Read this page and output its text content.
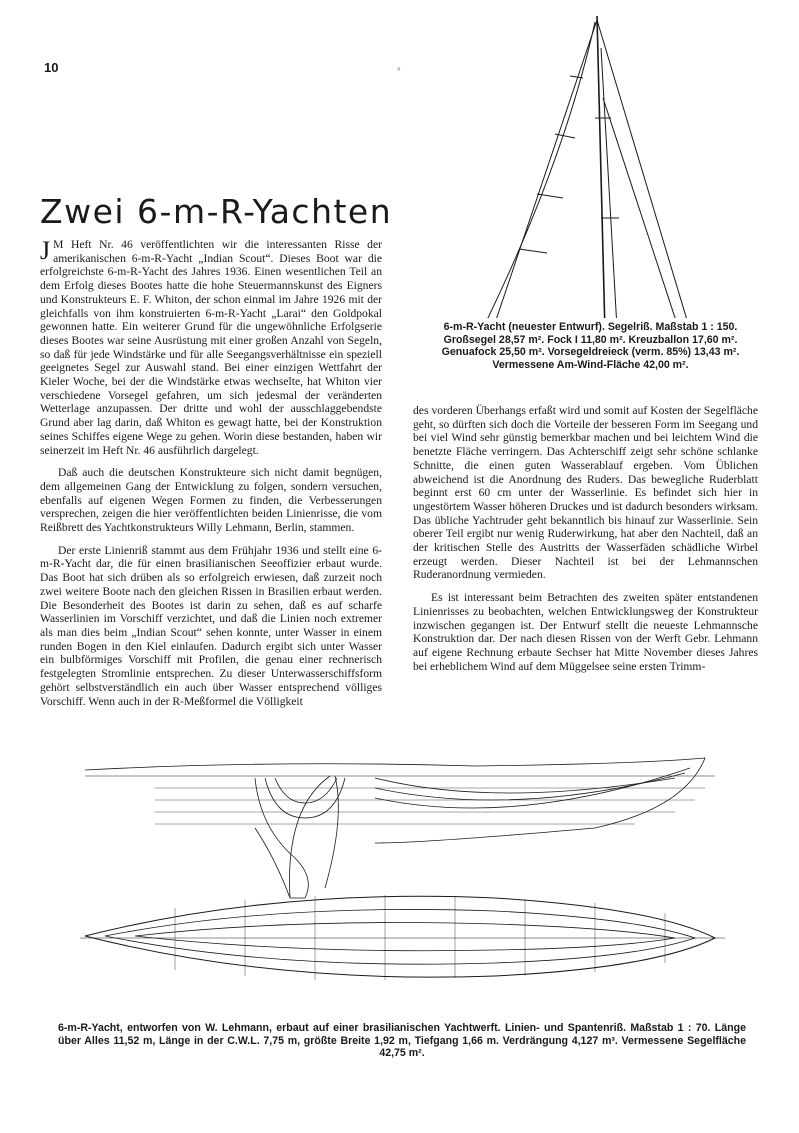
10	°
Zwei 6-m-R-Yachten

J M Heft Nr. 46 veröffentlichten wir die interessanten Risse der amerikanischen 6-m-R-Yacht „Indian Scout“. Dieses Boot war die erfolgreichste 6-m-R-Yacht des Jahres 1936. Einen wesentlichen Teil an dem Erfolg dieses Bootes hatte die hohe Steuermannskunst des Eigners und Konstrukteurs E. F. Whiton, der schon einmal im Jahre 1926 mit der gleichfalls von ihm konstruierten 6-m-R-Yacht „Larai“ den Goldpokal gewonnen hatte. Ein weiterer Grund für die ungewöhnliche Erfolgserie dieses Bootes war seine Ausrüstung mit einer großen Anzahl von Segeln, so daß für jede Windstärke und für alle Seegangsverhältnisse ein speziell geeignetes Segel zur Auswahl stand. Bei einer einzigen Wettfahrt der Kieler Woche, bei der die Windstärke etwas wechselte, hat Whiton vier verschiedene Vorsegel gefahren, um sich jedesmal der veränderten Wetterlage anzupassen. Der dritte und wohl der ausschlaggebendste Grund aber lag darin, daß Whiton es gewagt hatte, bei der Konstruktion seines Schiffes eigene Wege zu gehen. Worin diese bestanden, haben wir seinerzeit im Heft Nr. 46 ausführlich dargelegt.

Daß auch die deutschen Konstrukteure sich nicht damit begnügen, dem allgemeinen Gang der Entwicklung zu folgen, sondern versuchen, ebenfalls auf eigenen Wegen Formen zu finden, die Verbesserungen versprechen, zeigen die hier veröffentlichten beiden Linienrisse, die vom Reißbrett des Yachtkonstrukteurs Willy Lehmann, Berlin, stammen.

Der erste Linienriß stammt aus dem Frühjahr 1936 und stellt eine 6-m-R-Yacht dar, die für einen brasilianischen Seeoffizier erbaut wurde. Das Boot hat sich drüben als so erfolgreich erwiesen, daß zurzeit noch zwei weitere Boote nach den gleichen Rissen in Brasilien erbaut werden. Die Besonderheit des Bootes ist darin zu sehen, daß es auf scharfe Wasserlinien im Vorschiff verzichtet, und daß die Linien noch extremer als man dies beim „Indian Scout“ sehen konnte, unter Wasser in einem runden Bogen in den Kiel einlaufen. Dadurch ergibt sich unter Wasser ein bulbförmiges Vorschiff mit Profilen, die genau einer rechnerisch festgelegten Stromlinie entsprechen. Zu dieser Unterwasserschiffsform gehört selbstverständlich ein auch über Wasser entsprechend völliges Vorschiff. Wenn auch in der R-Meßformel die Völligkeit

6-m-R-Yacht (neuester Entwurf). Segelriß. Maßstab 1 : 150. Großsegel 28,57 m². Fock I 11,80 m². Kreuzballon 17,60 m². Genuafock 25,50 m². Vorsegeldreieck (verm. 85%) 13,43 m². Vermessene Am-Wind-Fläche 42,00 m².

des vorderen Überhangs erfaßt wird und somit auf Kosten der Segelfläche geht, so dürften sich doch die Vorteile der besseren Form im Seegang und bei viel Wind sehr günstig bemerkbar machen und bei leichtem Wind die benetzte Fläche verringern. Das Achterschiff zeigt sehr schöne schlanke Schnitte, die einen guten Wasserablauf ergeben. Vom Üblichen abweichend ist die Anordnung des Ruders. Das bewegliche Ruderblatt beginnt erst 60 cm unter der Wasserlinie. Es befindet sich hier in ungestörtem Wasser höheren Druckes und ist dadurch besonders wirksam. Das übliche Yachtruder geht bekanntlich bis hinauf zur Wasserlinie. Sein oberer Teil ergibt nur wenig Ruderwirkung, hat aber den Nachteil, daß an der kritischen Stelle des Austritts der Wasserfäden schädliche Wirbel erzeugt werden. Dieser Nachteil ist bei der Lehmannschen Ruderanordnung vermieden.

Es ist interessant beim Betrachten des zweiten später entstandenen Linienrisses zu beobachten, welchen Entwicklungsweg der Konstrukteur inzwischen gegangen ist. Der Entwurf stellt die neueste Lehmannsche Konstruktion dar. Der nach diesen Rissen von der Werft Gebr. Lehmann auf eigene Rechnung erbaute Sechser hat Mitte November dieses Jahres bei erheblichem Wind auf dem Müggelsee seine ersten Trimm-

6-m-R-Yacht, entworfen von W. Lehmann, erbaut auf einer brasilianischen Yachtwerft. Linien- und Spantenriß. Maßstab 1 : 70. Länge über Alles 11,52 m, Länge in der C.W.L. 7,75 m, größte Breite 1,92 m, Tiefgang 1,66 m. Verdrängung 4,127 m³. Vermessene Segelfläche 42,75 m².
